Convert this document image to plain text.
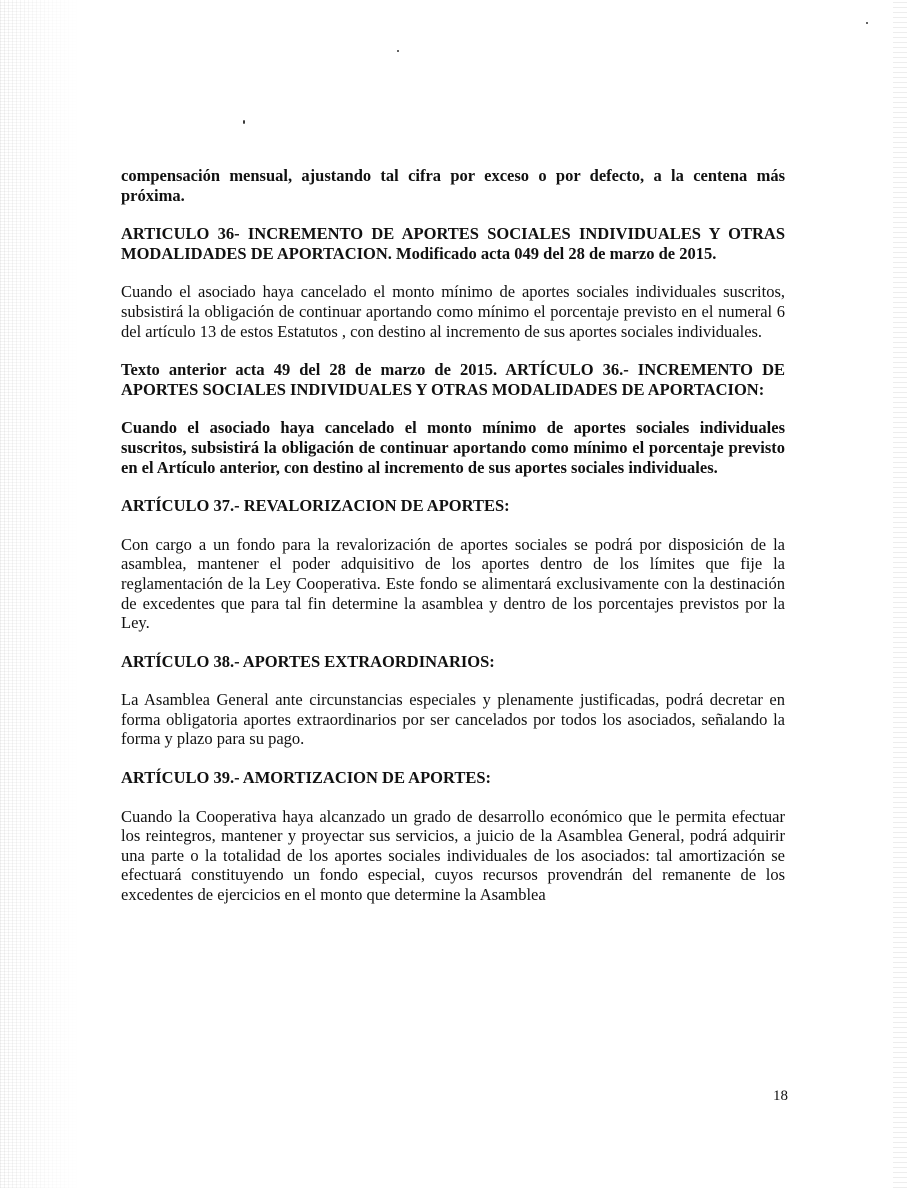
compensación mensual, ajustando tal cifra por exceso o por defecto, a la centena más próxima.

ARTICULO 36- INCREMENTO DE APORTES SOCIALES INDIVIDUALES Y OTRAS MODALIDADES DE APORTACION. Modificado acta 049 del 28 de marzo de 2015.

Cuando el asociado haya cancelado el monto mínimo de aportes sociales individuales suscritos, subsistirá la obligación de continuar aportando como mínimo el porcentaje previsto en el numeral 6 del artículo 13 de estos Estatutos , con destino al incremento de sus aportes sociales individuales.

Texto anterior acta 49 del 28 de marzo de 2015. ARTÍCULO 36.- INCREMENTO DE APORTES SOCIALES INDIVIDUALES Y OTRAS MODALIDADES DE APORTACION:

Cuando el asociado haya cancelado el monto mínimo de aportes sociales individuales suscritos, subsistirá la obligación de continuar aportando como mínimo el porcentaje previsto en el Artículo anterior, con destino al incremento de sus aportes sociales individuales.

ARTÍCULO 37.- REVALORIZACION DE APORTES:

Con cargo a un fondo para la revalorización de aportes sociales se podrá por disposición de la asamblea, mantener el poder adquisitivo de los aportes dentro de los límites que fije la reglamentación de la Ley Cooperativa. Este fondo se alimentará exclusivamente con la destinación de excedentes que para tal fin determine la asamblea y dentro de los porcentajes previstos por la Ley.

ARTÍCULO 38.- APORTES EXTRAORDINARIOS:

La Asamblea General ante circunstancias especiales y plenamente justificadas, podrá decretar en forma obligatoria aportes extraordinarios por ser cancelados por todos los asociados, señalando la forma y plazo para su pago.

ARTÍCULO 39.- AMORTIZACION DE APORTES:

Cuando la Cooperativa haya alcanzado un grado de desarrollo económico que le permita efectuar los reintegros, mantener y proyectar sus servicios, a juicio de la Asamblea General, podrá adquirir una parte o la totalidad de los aportes sociales individuales de los asociados: tal amortización se efectuará constituyendo un fondo especial, cuyos recursos provendrán del remanente de los excedentes de ejercicios en el monto que determine la Asamblea

18
